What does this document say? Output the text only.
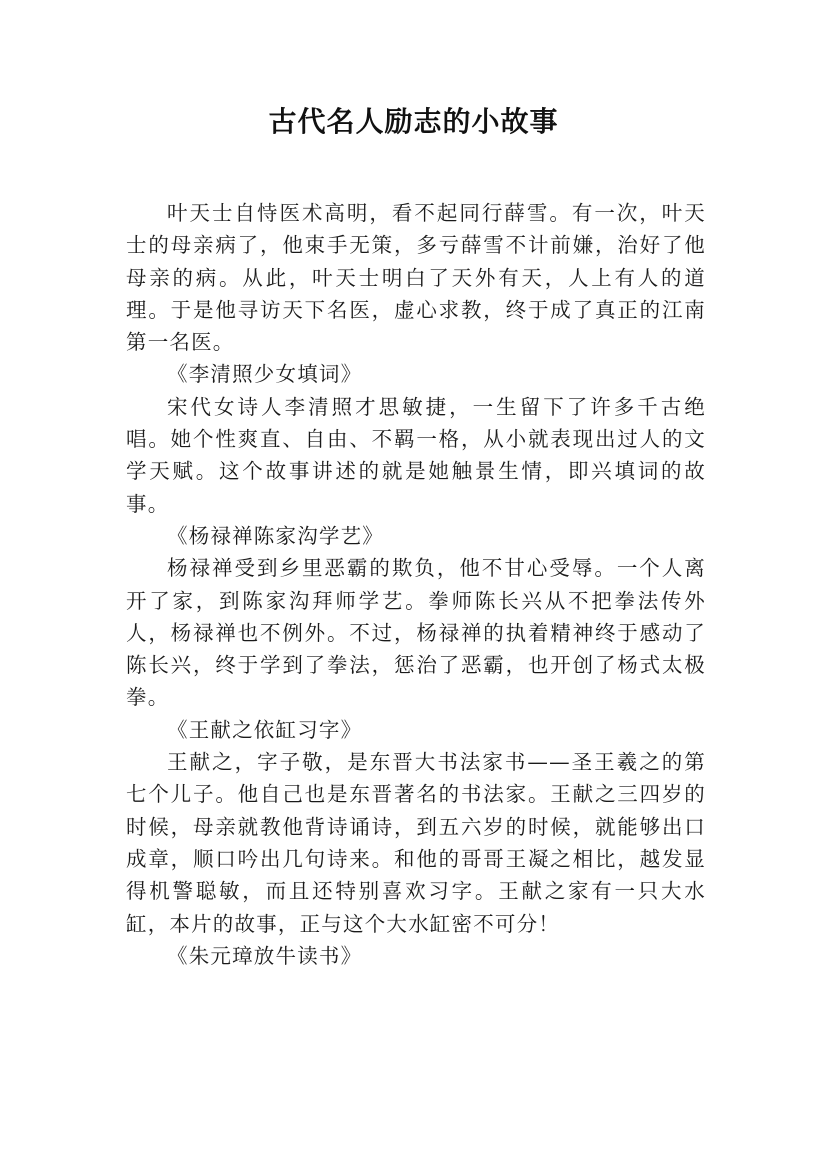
古代名人励志的小故事

叶天士自恃医术高明，看不起同行薛雪。有一次，叶天士的母亲病了，他束手无策，多亏薛雪不计前嫌，治好了他母亲的病。从此，叶天士明白了天外有天，人上有人的道理。于是他寻访天下名医，虚心求教，终于成了真正的江南第一名医。

《李清照少女填词》

宋代女诗人李清照才思敏捷，一生留下了许多千古绝唱。她个性爽直、自由、不羁一格，从小就表现出过人的文学天赋。这个故事讲述的就是她触景生情，即兴填词的故事。

《杨禄禅陈家沟学艺》

杨禄禅受到乡里恶霸的欺负，他不甘心受辱。一个人离开了家，到陈家沟拜师学艺。拳师陈长兴从不把拳法传外人，杨禄禅也不例外。不过，杨禄禅的执着精神终于感动了陈长兴，终于学到了拳法，惩治了恶霸，也开创了杨式太极拳。

《王献之依缸习字》

王献之，字子敬，是东晋大书法家书——圣王羲之的第七个儿子。他自己也是东晋著名的书法家。王献之三四岁的时候，母亲就教他背诗诵诗，到五六岁的时候，就能够出口成章，顺口吟出几句诗来。和他的哥哥王凝之相比，越发显得机警聪敏，而且还特别喜欢习字。王献之家有一只大水缸，本片的故事，正与这个大水缸密不可分！

《朱元璋放牛读书》
